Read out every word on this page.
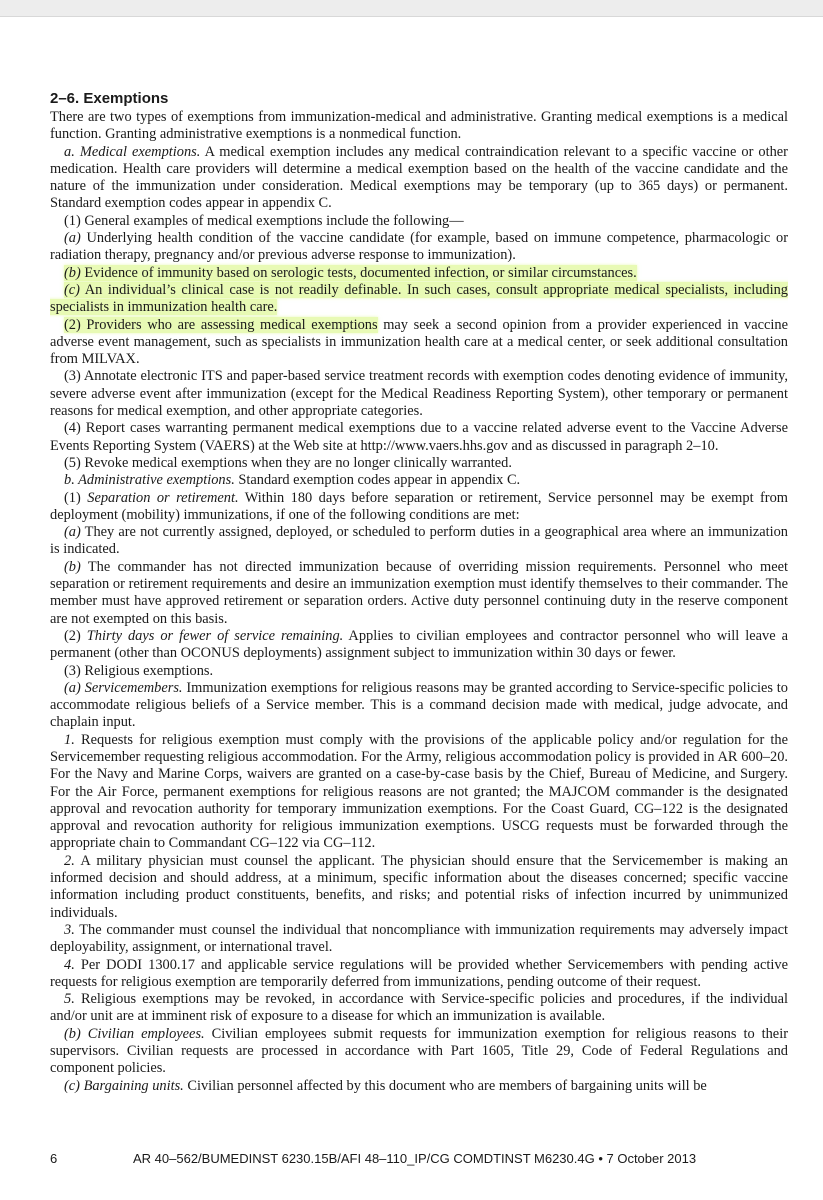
2–6. Exemptions

There are two types of exemptions from immunization-medical and administrative. Granting medical exemptions is a medical function. Granting administrative exemptions is a nonmedical function.

a. Medical exemptions. A medical exemption includes any medical contraindication relevant to a specific vaccine or other medication. Health care providers will determine a medical exemption based on the health of the vaccine candidate and the nature of the immunization under consideration. Medical exemptions may be temporary (up to 365 days) or permanent. Standard exemption codes appear in appendix C.

(1) General examples of medical exemptions include the following—

(a) Underlying health condition of the vaccine candidate (for example, based on immune competence, pharmacologic or radiation therapy, pregnancy and/or previous adverse response to immunization).

(b) Evidence of immunity based on serologic tests, documented infection, or similar circumstances.

(c) An individual’s clinical case is not readily definable. In such cases, consult appropriate medical specialists, including specialists in immunization health care.

(2) Providers who are assessing medical exemptions may seek a second opinion from a provider experienced in vaccine adverse event management, such as specialists in immunization health care at a medical center, or seek additional consultation from MILVAX.

(3) Annotate electronic ITS and paper-based service treatment records with exemption codes denoting evidence of immunity, severe adverse event after immunization (except for the Medical Readiness Reporting System), other temporary or permanent reasons for medical exemption, and other appropriate categories.

(4) Report cases warranting permanent medical exemptions due to a vaccine related adverse event to the Vaccine Adverse Events Reporting System (VAERS) at the Web site at http://www.vaers.hhs.gov and as discussed in paragraph 2–10.

(5) Revoke medical exemptions when they are no longer clinically warranted.

b. Administrative exemptions. Standard exemption codes appear in appendix C.

(1) Separation or retirement. Within 180 days before separation or retirement, Service personnel may be exempt from deployment (mobility) immunizations, if one of the following conditions are met:

(a) They are not currently assigned, deployed, or scheduled to perform duties in a geographical area where an immunization is indicated.

(b) The commander has not directed immunization because of overriding mission requirements. Personnel who meet separation or retirement requirements and desire an immunization exemption must identify themselves to their commander. The member must have approved retirement or separation orders. Active duty personnel continuing duty in the reserve component are not exempted on this basis.

(2) Thirty days or fewer of service remaining. Applies to civilian employees and contractor personnel who will leave a permanent (other than OCONUS deployments) assignment subject to immunization within 30 days or fewer.

(3) Religious exemptions.

(a) Servicemembers. Immunization exemptions for religious reasons may be granted according to Service-specific policies to accommodate religious beliefs of a Service member. This is a command decision made with medical, judge advocate, and chaplain input.

1. Requests for religious exemption must comply with the provisions of the applicable policy and/or regulation for the Servicemember requesting religious accommodation. For the Army, religious accommodation policy is provided in AR 600–20. For the Navy and Marine Corps, waivers are granted on a case-by-case basis by the Chief, Bureau of Medicine, and Surgery. For the Air Force, permanent exemptions for religious reasons are not granted; the MAJCOM commander is the designated approval and revocation authority for temporary immunization exemptions. For the Coast Guard, CG–122 is the designated approval and revocation authority for religious immunization exemptions. USCG requests must be forwarded through the appropriate chain to Commandant CG–122 via CG–112.

2. A military physician must counsel the applicant. The physician should ensure that the Servicemember is making an informed decision and should address, at a minimum, specific information about the diseases concerned; specific vaccine information including product constituents, benefits, and risks; and potential risks of infection incurred by unimmunized individuals.

3. The commander must counsel the individual that noncompliance with immunization requirements may adversely impact deployability, assignment, or international travel.

4. Per DODI 1300.17 and applicable service regulations will be provided whether Servicemembers with pending active requests for religious exemption are temporarily deferred from immunizations, pending outcome of their request.

5. Religious exemptions may be revoked, in accordance with Service-specific policies and procedures, if the individual and/or unit are at imminent risk of exposure to a disease for which an immunization is available.

(b) Civilian employees. Civilian employees submit requests for immunization exemption for religious reasons to their supervisors. Civilian requests are processed in accordance with Part 1605, Title 29, Code of Federal Regulations and component policies.

(c) Bargaining units. Civilian personnel affected by this document who are members of bargaining units will be

6	AR 40–562/BUMEDINST 6230.15B/AFI 48–110_IP/CG COMDTINST M6230.4G • 7 October 2013
